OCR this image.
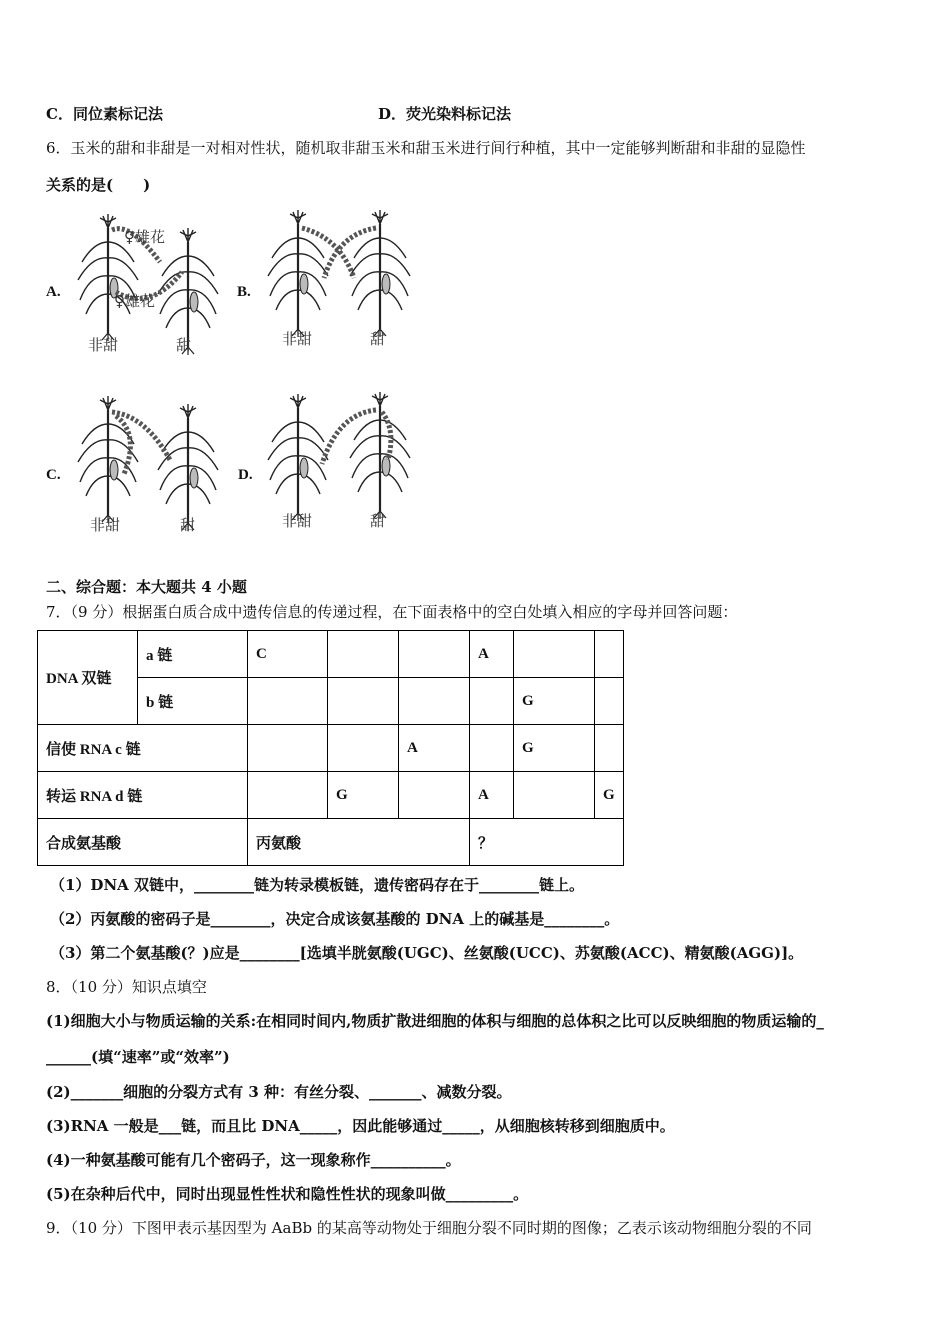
C．同位素标记法	D．荧光染料标记法
6．玉米的甜和非甜是一对相对性状，随机取非甜玉米和甜玉米进行间行种植，其中一定能够判断甜和非甜的显隐性
关系的是(　　)
A.	B.
C.	D.
♀雄花
♀雄花
非甜	甜	非甜	甜
非甜	甜	非甜	甜
二、综合题：本大题共 4 小题
7．（9 分）根据蛋白质合成中遗传信息的传递过程，在下面表格中的空白处填入相应的字母并回答问题：
DNA 双链	a 链	C			A		
	b 链					G	
信使 RNA c 链				A		G	
转运 RNA d 链			G		A		G
合成氨基酸		丙氨酸			？		
（1）DNA 双链中，________链为转录模板链，遗传密码存在于________链上。
（2）丙氨酸的密码子是________，决定合成该氨基酸的 DNA 上的碱基是________。
（3）第二个氨基酸(？)应是________[选填半胱氨酸(UGC)、丝氨酸(UCC)、苏氨酸(ACC)、精氨酸(AGG)]。
8．（10 分）知识点填空
(1)细胞大小与物质运输的关系:在相同时间内,物质扩散进细胞的体积与细胞的总体积之比可以反映细胞的物质运输的_
______(填“速率”或“效率”)
(2)_______细胞的分裂方式有 3 种：有丝分裂、_______、减数分裂。
(3)RNA 一般是___链，而且比 DNA_____，因此能够通过_____，从细胞核转移到细胞质中。
(4)一种氨基酸可能有几个密码子，这一现象称作__________。
(5)在杂种后代中，同时出现显性性状和隐性性状的现象叫做_________。
9．（10 分）下图甲表示基因型为 AaBb 的某高等动物处于细胞分裂不同时期的图像；乙表示该动物细胞分裂的不同
